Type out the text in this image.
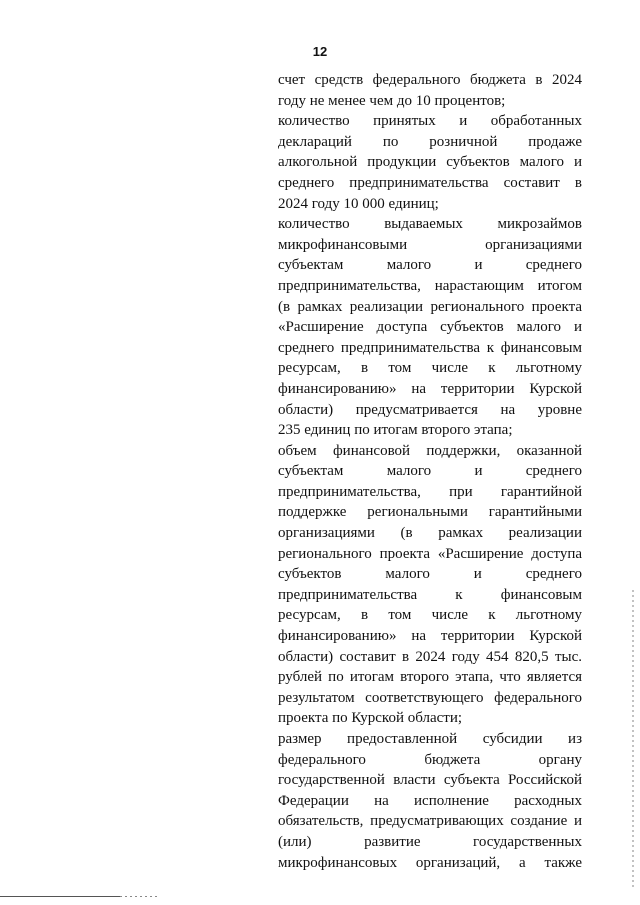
12
счет средств федерального бюджета в 2024
году не менее чем до 10 процентов;
количество принятых и обработанных
деклараций по розничной продаже
алкогольной продукции субъектов малого и
среднего предпринимательства составит в
2024 году 10 000 единиц;
количество выдаваемых микрозаймов
микрофинансовыми организациями
субъектам малого и среднего
предпринимательства, нарастающим итогом
(в рамках реализации регионального проекта
«Расширение доступа субъектов малого и
среднего предпринимательства к финансовым
ресурсам, в том числе к льготному
финансированию» на территории Курской
области) предусматривается на уровне
235 единиц по итогам второго этапа;
объем финансовой поддержки, оказанной
субъектам малого и среднего
предпринимательства, при гарантийной
поддержке региональными гарантийными
организациями (в рамках реализации
регионального проекта «Расширение доступа
субъектов малого и среднего
предпринимательства к финансовым
ресурсам, в том числе к льготному
финансированию» на территории Курской
области) составит в 2024 году 454 820,5 тыс.
рублей по итогам второго этапа, что является
результатом соответствующего федерального
проекта по Курской области;
размер предоставленной субсидии из
федерального бюджета органу
государственной власти субъекта Российской
Федерации на исполнение расходных
обязательств, предусматривающих создание и
(или) развитие государственных
микрофинансовых организаций, а также
